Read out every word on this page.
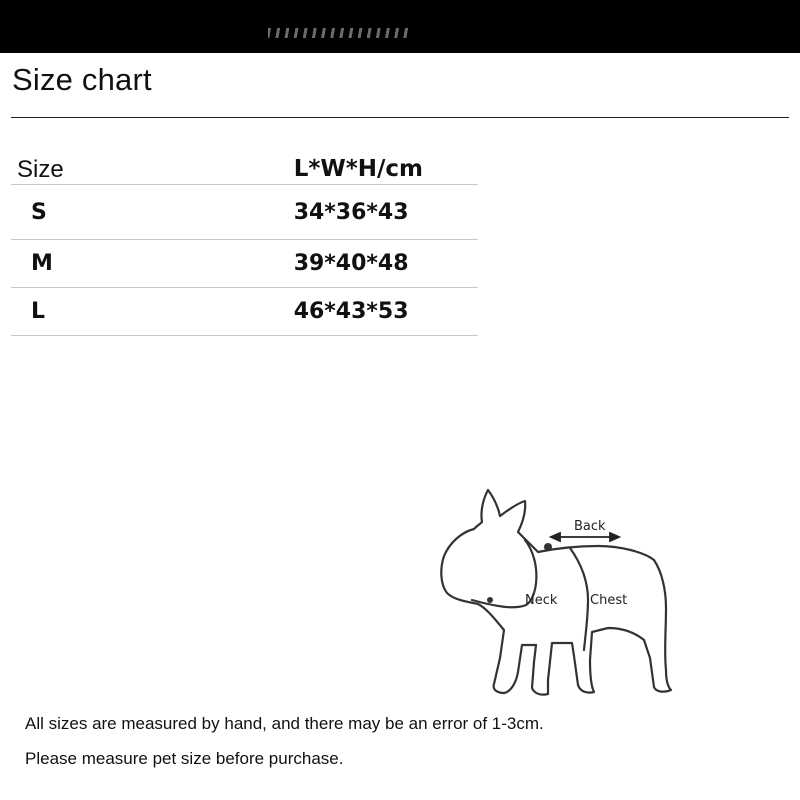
Size chart
Size	L*W*H/cm
S	34*36*43
M	39*40*48
L	46*43*53
Back
Neck	Chest

All sizes are measured by hand, and there may be an error of 1-3cm.

Please measure pet size before purchase.
